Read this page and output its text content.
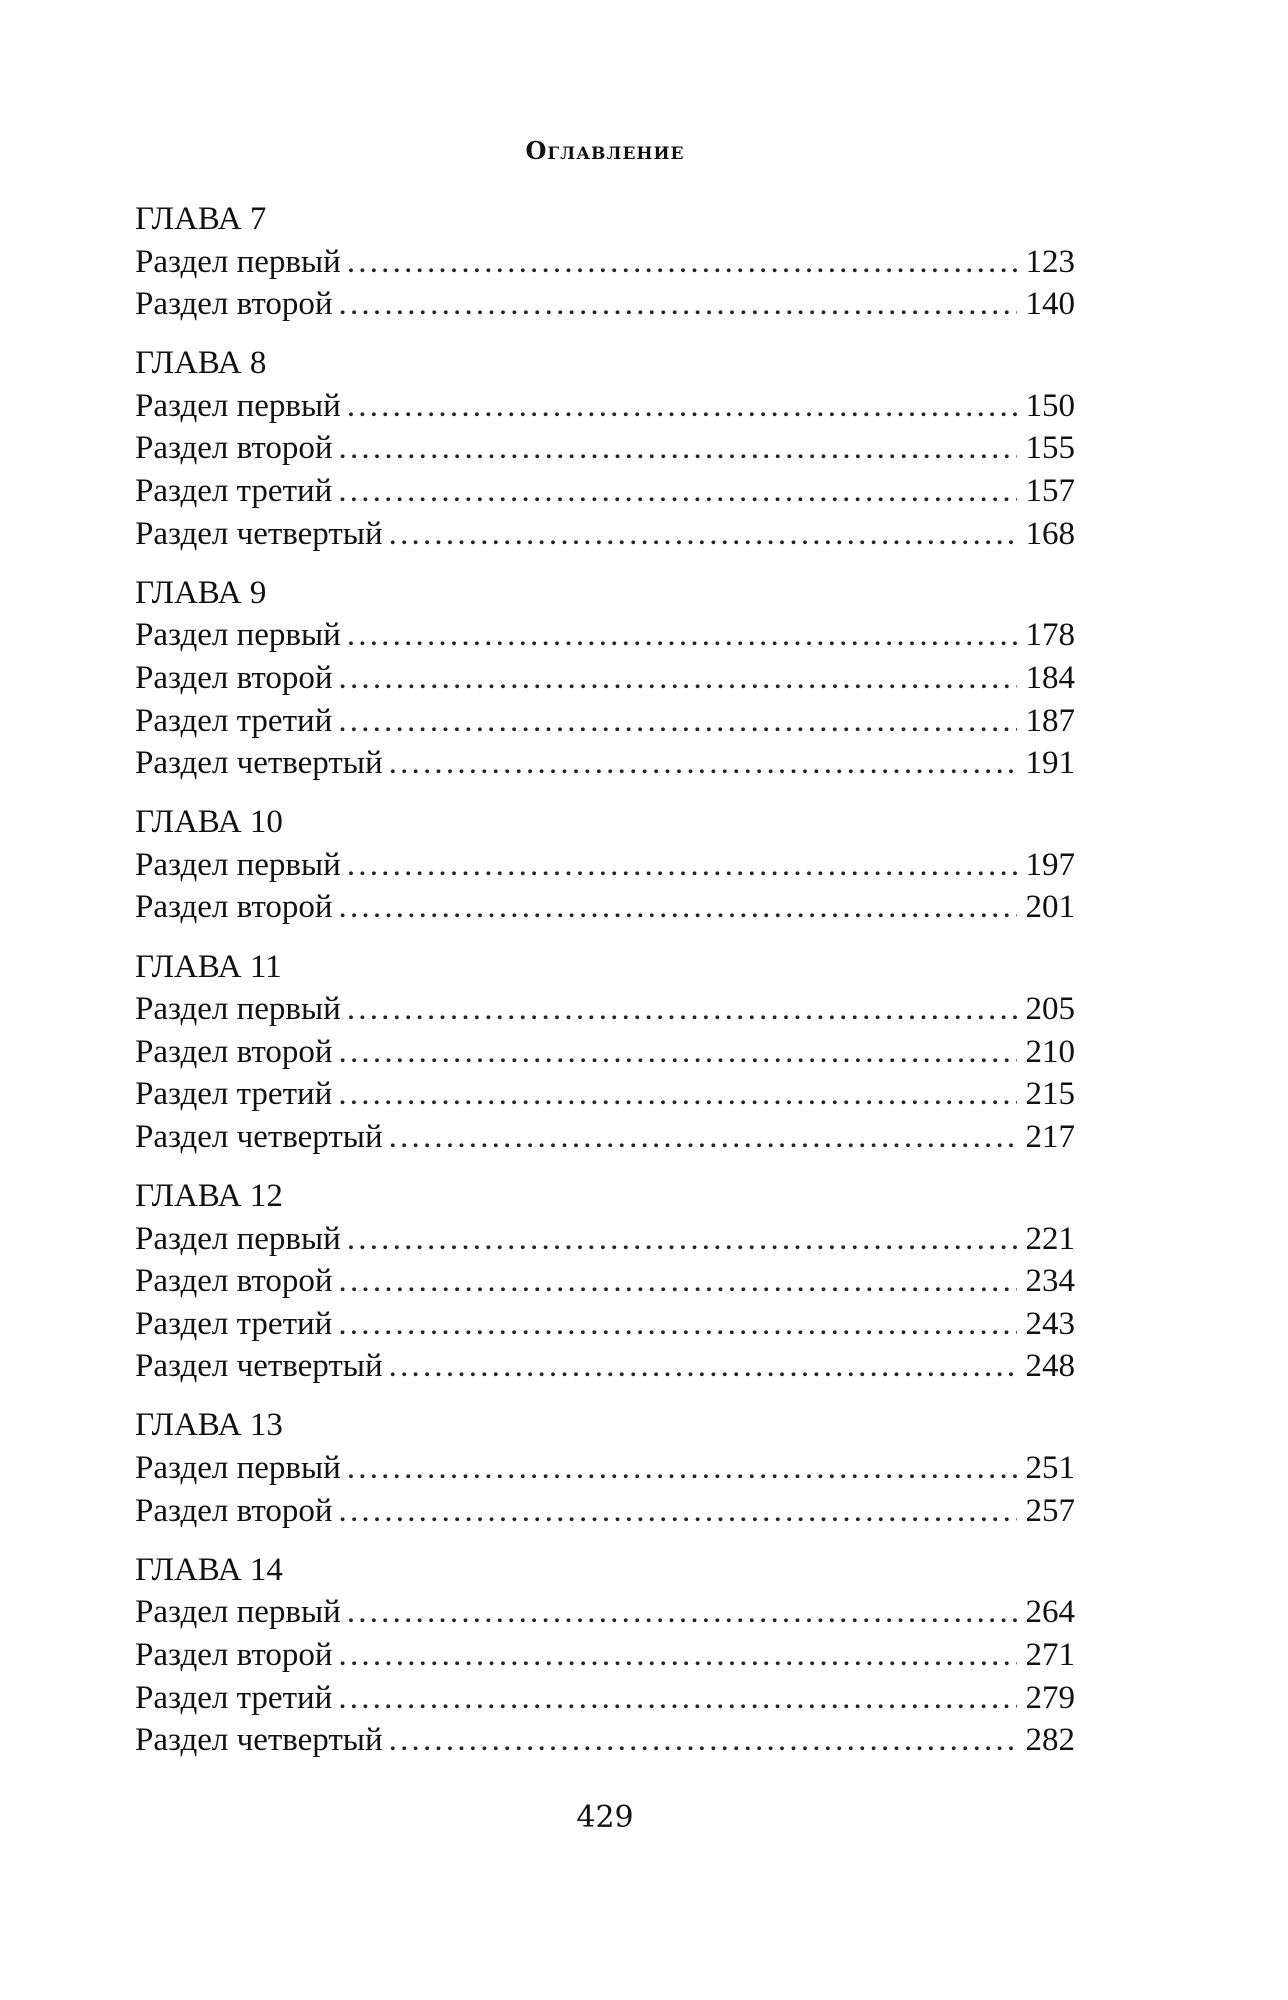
Оглавление
ГЛАВА 7
Раздел первый .....	123
Раздел второй .....	140
ГЛАВА 8
Раздел первый .....	150
Раздел второй .....	155
Раздел третий .....	157
Раздел четвертый .....	168
ГЛАВА 9
Раздел первый .....	178
Раздел второй .....	184
Раздел третий .....	187
Раздел четвертый .....	191
ГЛАВА 10
Раздел первый .....	197
Раздел второй .....	201
ГЛАВА 11
Раздел первый .....	205
Раздел второй .....	210
Раздел третий .....	215
Раздел четвертый .....	217
ГЛАВА 12
Раздел первый .....	221
Раздел второй .....	234
Раздел третий .....	243
Раздел четвертый .....	248
ГЛАВА 13
Раздел первый .....	251
Раздел второй .....	257
ГЛАВА 14
Раздел первый .....	264
Раздел второй .....	271
Раздел третий .....	279
Раздел четвертый .....	282
429
